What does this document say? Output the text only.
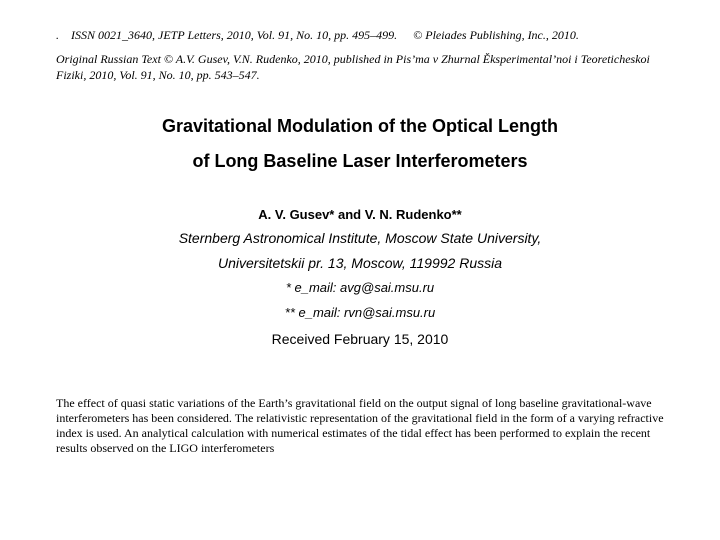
. ISSN 0021_3640, JETP Letters, 2010, Vol. 91, No. 10, pp. 495–499. © Pleiades Publishing, Inc., 2010.
Original Russian Text © A.V. Gusev, V.N. Rudenko, 2010, published in Pis’ma v Zhurnal Ěksperimental’noi i Teoreticheskoi
Fiziki, 2010, Vol. 91, No. 10, pp. 543–547.
Gravitational Modulation of the Optical Length
of Long Baseline Laser Interferometers
A. V. Gusev* and V. N. Rudenko**
Sternberg Astronomical Institute, Moscow State University,
Universitetskii pr. 13, Moscow, 119992 Russia
* e_mail: avg@sai.msu.ru
** e_mail: rvn@sai.msu.ru
Received February 15, 2010
The effect of quasi static variations of the Earth’s gravitational field on the output signal of long baseline gravitational-wave interferometers has been considered. The relativistic representation of the gravitational field in the form of a varying refractive index is used. An analytical calculation with numerical estimates of the tidal effect has been performed to explain the recent results observed on the LIGO interferometers
